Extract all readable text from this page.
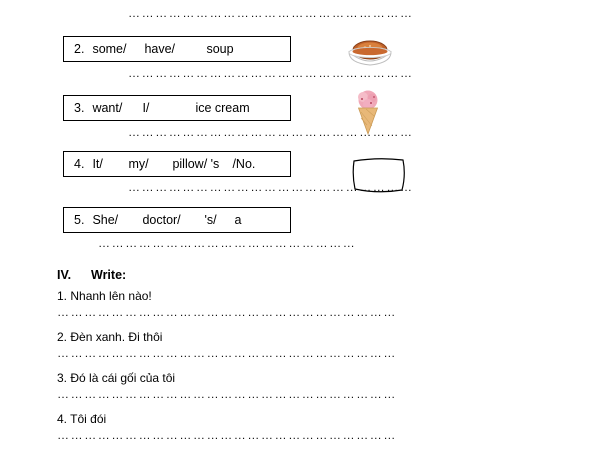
………………………………………………………
2. some/	have/	soup
………………………………………………………
3. want/	I/	ice cream
………………………………………………………
4. It/	my/	pillow/ 's	/No.
………………………………………………………
5. She/	doctor/	's/	a
…………………………………………………
IV. Write:
1. Nhanh lên nào!
…………………………………………………………………
2. Đèn xanh. Đi thôi
…………………………………………………………………
3. Đó là cái gối của tôi
…………………………………………………………………
4. Tôi đói
…………………………………………………………………
